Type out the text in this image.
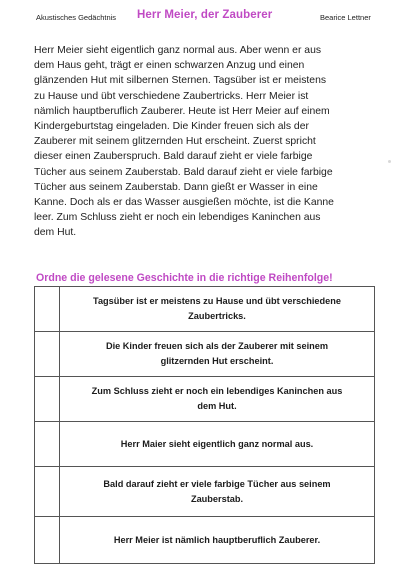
Akustisches Gedächtnis Herr Meier, der Zauberer	Bearice Lettner
Herr Meier sieht eigentlich ganz normal aus. Aber wenn er aus
dem Haus geht, trägt er einen schwarzen Anzug und einen
glänzenden Hut mit silbernen Sternen. Tagsüber ist er meistens
zu Hause und übt verschiedene Zaubertricks. Herr Meier ist
nämlich hauptberuflich Zauberer. Heute ist Herr Meier auf einem
Kindergeburtstag eingeladen. Die Kinder freuen sich als der
Zauberer mit seinem glitzernden Hut erscheint. Zuerst spricht
dieser einen Zauberspruch. Bald darauf zieht er viele farbige
Tücher aus seinem Zauberstab. Bald darauf zieht er viele farbige
Tücher aus seinem Zauberstab. Dann gießt er Wasser in eine
Kanne. Doch als er das Wasser ausgießen möchte, ist die Kanne
leer. Zum Schluss zieht er noch ein lebendiges Kaninchen aus
dem Hut.
Ordne die gelesene Geschichte in die richtige Reihenfolge!
	Tagsüber ist er meistens zu Hause und übt verschiedene
Zaubertricks.
	Die Kinder freuen sich als der Zauberer mit seinem
glitzernden Hut erscheint.
	Zum Schluss zieht er noch ein lebendiges Kaninchen aus
dem Hut.
	Herr Maier sieht eigentlich ganz normal aus.
	Bald darauf zieht er viele farbige Tücher aus seinem
Zauberstab.
	Herr Meier ist nämlich hauptberuflich Zauberer.
